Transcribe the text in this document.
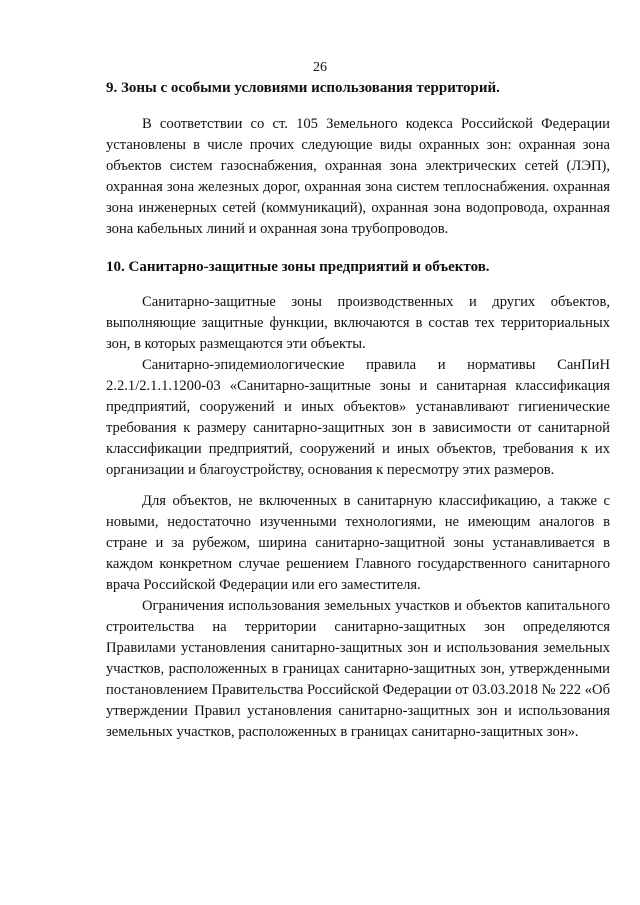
26
9. Зоны с особыми условиями использования территорий.

В соответствии со ст. 105 Земельного кодекса Российской Федерации установлены в числе прочих следующие виды охранных зон: охранная зона объектов систем газоснабжения, охранная зона электрических сетей (ЛЭП), охранная зона железных дорог, охранная зона систем теплоснабжения. охранная зона инженерных сетей (коммуникаций), охранная зона водопровода, охранная зона кабельных линий и охранная зона трубопроводов.

10. Санитарно-защитные зоны предприятий и объектов.

Санитарно-защитные зоны производственных и других объектов, выполняющие защитные функции, включаются в состав тех территориальных зон, в которых размещаются эти объекты.

Санитарно-эпидемиологические правила и нормативы СанПиН 2.2.1/2.1.1.1200-03 «Санитарно-защитные зоны и санитарная классификация предприятий, сооружений и иных объектов» устанавливают гигиенические требования к размеру санитарно-защитных зон в зависимости от санитарной классификации предприятий, сооружений и иных объектов, требования к их организации и благоустройству, основания к пересмотру этих размеров.

Для объектов, не включенных в санитарную классификацию, а также с новыми, недостаточно изученными технологиями, не имеющим аналогов в стране и за рубежом, ширина санитарно-защитной зоны устанавливается в каждом конкретном случае решением Главного государственного санитарного врача Российской Федерации или его заместителя.

Ограничения использования земельных участков и объектов капитального строительства на территории санитарно-защитных зон определяются Правилами установления санитарно-защитных зон и использования земельных участков, расположенных в границах санитарно-защитных зон, утвержденными постановлением Правительства Российской Федерации от 03.03.2018 № 222 «Об утверждении Правил установления санитарно-защитных зон и использования земельных участков, расположенных в границах санитарно-защитных зон».
